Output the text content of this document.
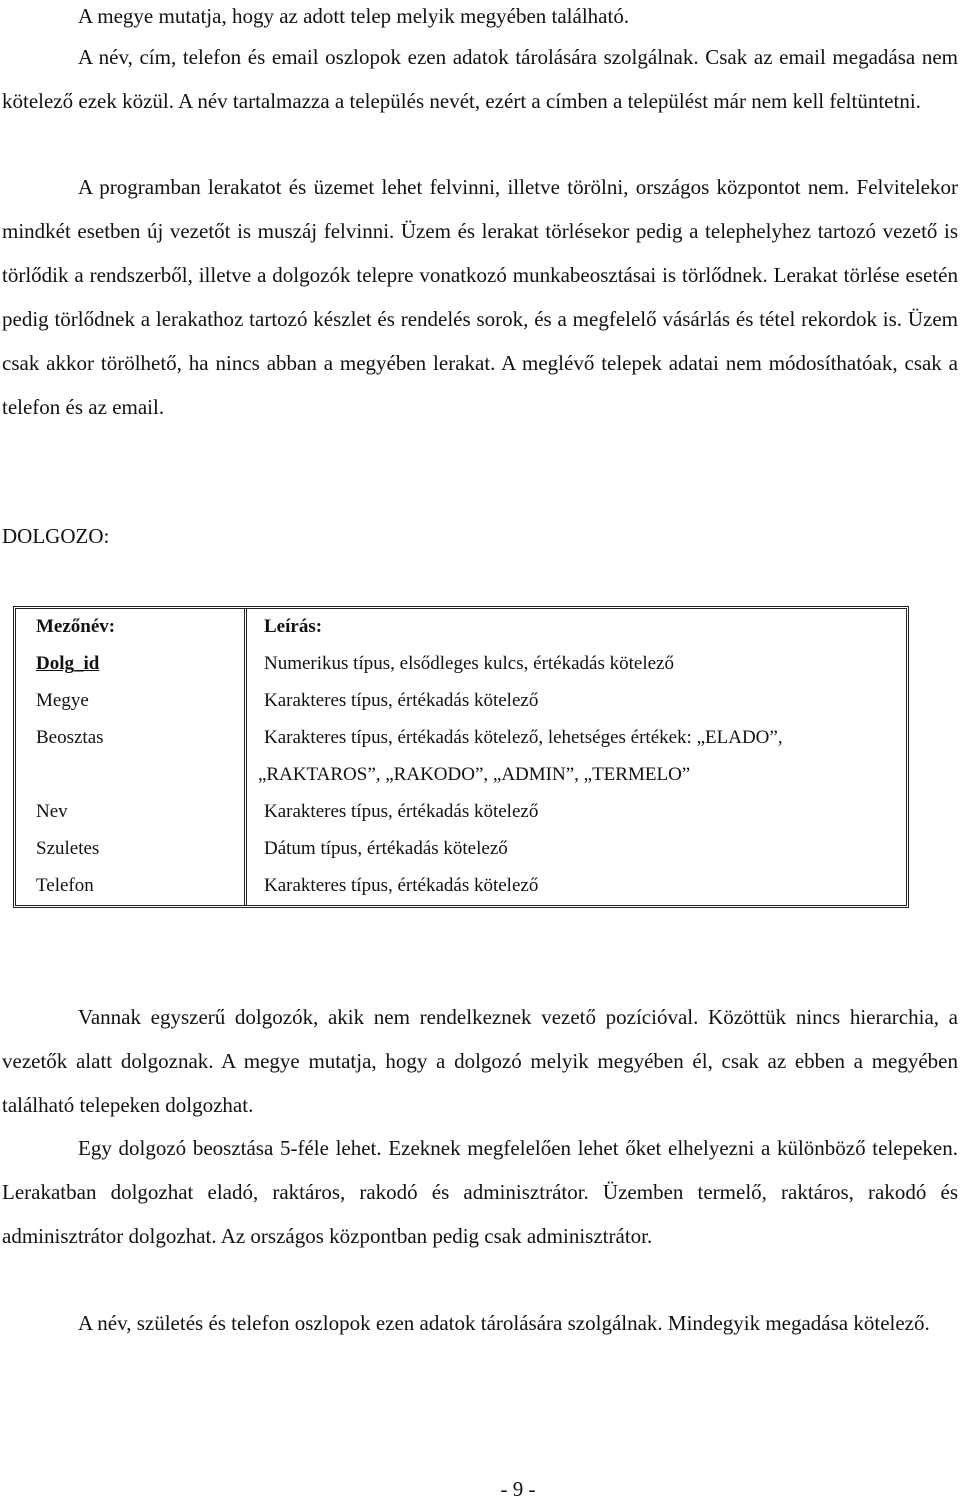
A megye mutatja, hogy az adott telep melyik megyében található.

A név, cím, telefon és email oszlopok ezen adatok tárolására szolgálnak. Csak az email megadása nem kötelező ezek közül. A név tartalmazza a település nevét, ezért a címben a települést már nem kell feltüntetni.

A programban lerakatot és üzemet lehet felvinni, illetve törölni, országos központot nem. Felvitelekor mindkét esetben új vezetőt is muszáj felvinni. Üzem és lerakat törlésekor pedig a telephelyhez tartozó vezető is törlődik a rendszerből, illetve a dolgozók telepre vonatkozó munkabeosztásai is törlődnek. Lerakat törlése esetén pedig törlődnek a lerakathoz tartozó készlet és rendelés sorok, és a megfelelő vásárlás és tétel rekordok is. Üzem csak akkor törölhető, ha nincs abban a megyében lerakat. A meglévő telepek adatai nem módosíthatóak, csak a telefon és az email.

DOLGOZO:
Mezőnév:	Leírás:
Dolg_id	Numerikus típus, elsődleges kulcs, értékadás kötelező
Megye	Karakteres típus, értékadás kötelező
Beosztas	Karakteres típus, értékadás kötelező, lehetséges értékek: „ELADO”,
„RAKTAROS”, „RAKODO”, „ADMIN”, „TERMELO”
Nev	Karakteres típus, értékadás kötelező
Szuletes	Dátum típus, értékadás kötelező
Telefon	Karakteres típus, értékadás kötelező

Vannak egyszerű dolgozók, akik nem rendelkeznek vezető pozícióval. Közöttük nincs hierarchia, a vezetők alatt dolgoznak. A megye mutatja, hogy a dolgozó melyik megyében él, csak az ebben a megyében található telepeken dolgozhat.

Egy dolgozó beosztása 5-féle lehet. Ezeknek megfelelően lehet őket elhelyezni a különböző telepeken. Lerakatban dolgozhat eladó, raktáros, rakodó és adminisztrátor. Üzemben termelő, raktáros, rakodó és adminisztrátor dolgozhat. Az országos központban pedig csak adminisztrátor.

A név, születés és telefon oszlopok ezen adatok tárolására szolgálnak. Mindegyik megadása kötelező.

- 9 -
